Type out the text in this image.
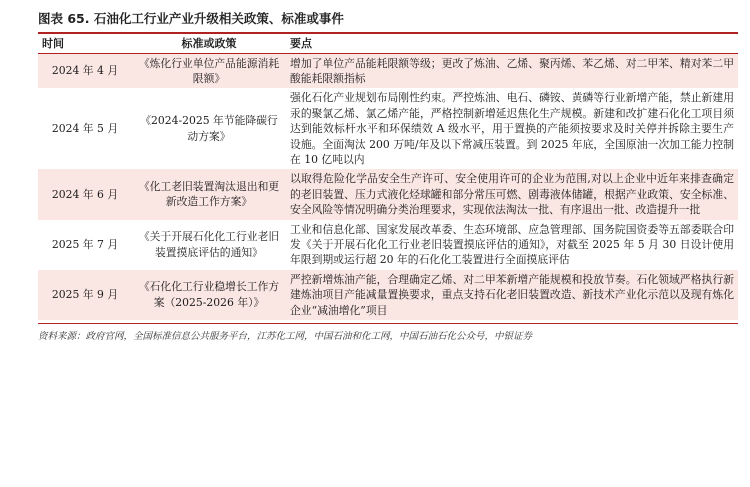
图表 65. 石油化工行业产业升级相关政策、标准或事件
时间	标准或政策	要点
2024 年 4 月	《炼化行业单位产品能源消耗限额》	增加了单位产品能耗限额等级；更改了炼油、乙烯、聚丙烯、苯乙烯、对二甲苯、精对苯二甲酸能耗限额指标
2024 年 5 月	《2024-2025 年节能降碳行动方案》	强化石化产业规划布局刚性约束。严控炼油、电石、磷铵、黄磷等行业新增产能，禁止新建用汞的聚氯乙烯、氯乙烯产能，严格控制新增延迟焦化生产规模。新建和改扩建石化化工项目须达到能效标杆水平和环保绩效 A 级水平，用于置换的产能须按要求及时关停并拆除主要生产设施。全面淘汰 200 万吨/年及以下常减压装置。到 2025 年底，全国原油一次加工能力控制在 10 亿吨以内
2024 年 6 月	《化工老旧装置淘汰退出和更新改造工作方案》	以取得危险化学品安全生产许可、安全使用许可的企业为范围,对以上企业中近年来排查确定的老旧装置、压力式液化烃球罐和部分常压可燃、剧毒液体储罐，根据产业政策、安全标准、安全风险等情况明确分类治理要求，实现依法淘汰一批、有序退出一批、改造提升一批
2025 年 7 月	《关于开展石化化工行业老旧装置摸底评估的通知》	工业和信息化部、国家发展改革委、生态环境部、应急管理部、国务院国资委等五部委联合印发《关于开展石化化工行业老旧装置摸底评估的通知》，对截至 2025 年 5 月 30 日设计使用年限到期或运行超 20 年的石化化工装置进行全面摸底评估
2025 年 9 月	《石化化工行业稳增长工作方案（2025-2026 年）》	严控新增炼油产能，合理确定乙烯、对二甲苯新增产能规模和投放节奏。石化领域严格执行新建炼油项目产能减量置换要求，重点支持石化老旧装置改造、新技术产业化示范以及现有炼化企业“减油增化”项目
资料来源：政府官网，全国标准信息公共服务平台，江苏化工网，中国石油和化工网，中国石油石化公众号，中银证券
